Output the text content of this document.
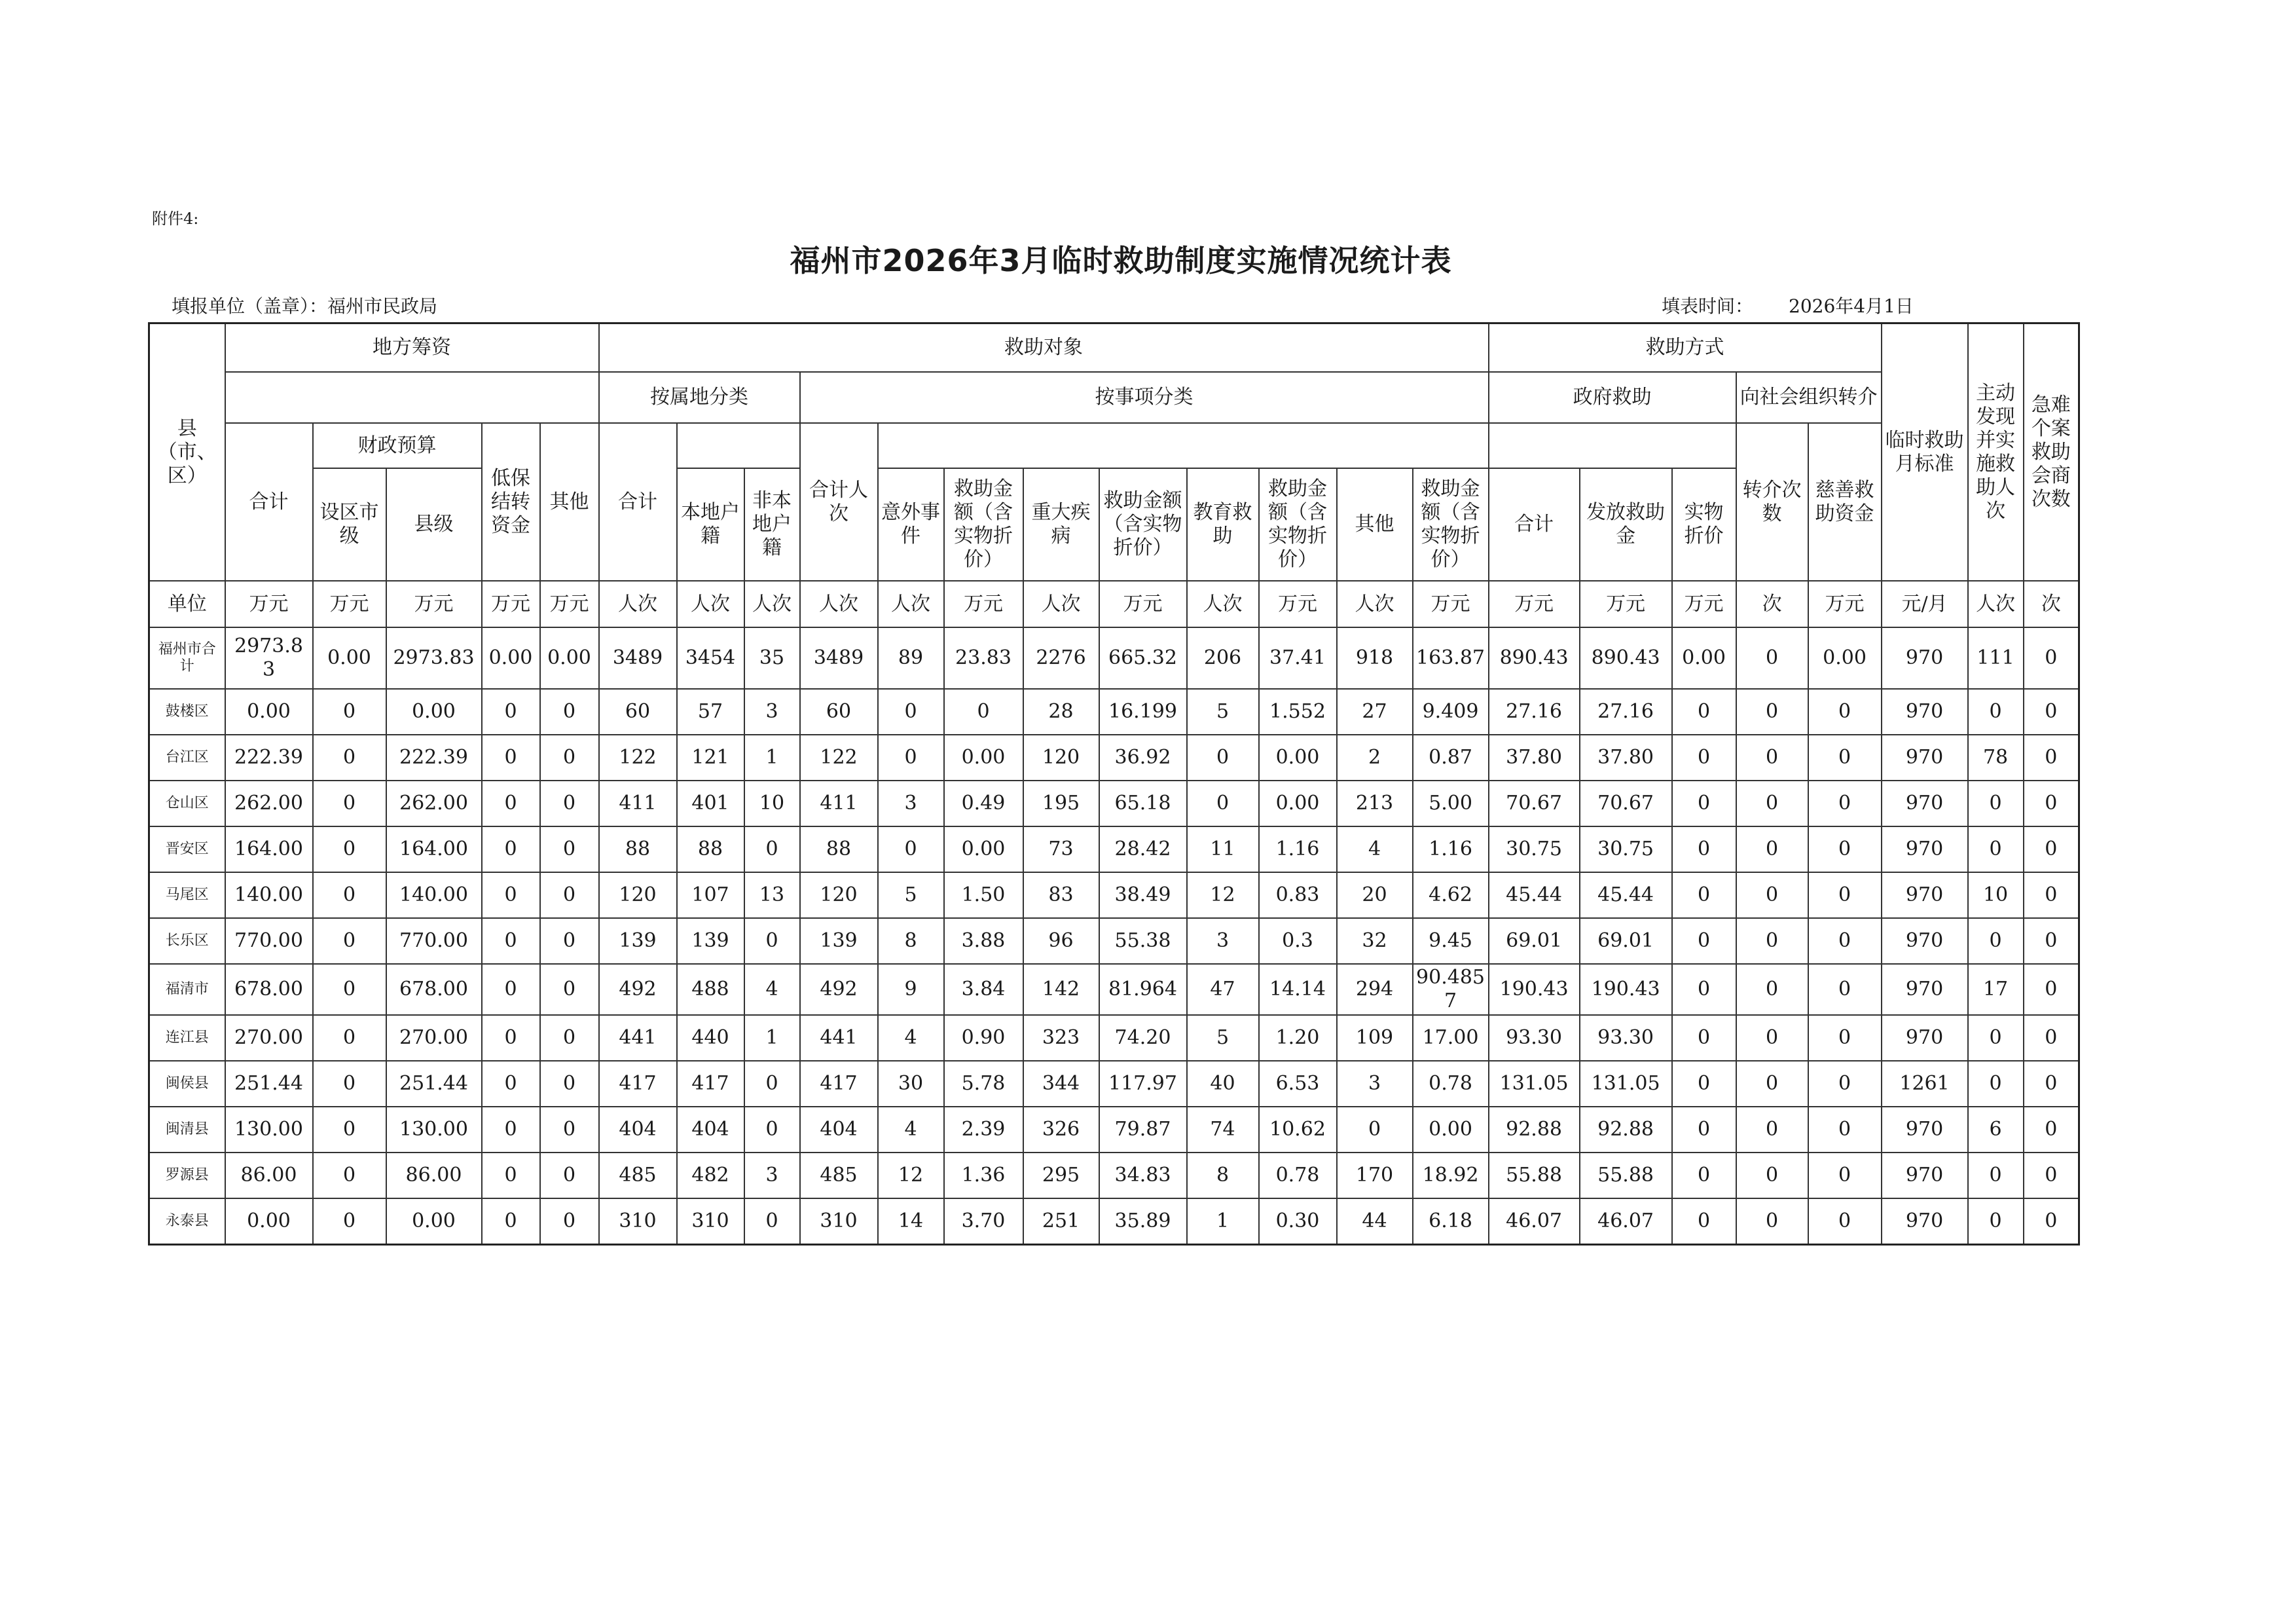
附件4:
福州市2026年3月临时救助制度实施情况统计表
填报单位（盖章）：福州市民政局	填表时间： 2026年4月1日
县（市、区）	地方筹资					救助对象												救助方式					临时救助月标准	主动发现并实施救助人次	急难个案救助会商次数
						按属地分类			按事项分类									政府救助			向社会组织转介				
	合计	财政预算		低保结转资金	其他	合计			合计人次												转介次数	慈善救助资金			
		设区市级	县级				本地户籍	非本地户籍		意外事件	救助金额（含实物折价）	重大疾病	救助金额（含实物折价）	教育救助	救助金额（含实物折价）	其他	救助金额（含实物折价）	合计	发放救助金	实物折价					
单位	万元	万元	万元	万元	万元	人次	人次	人次	人次	人次	万元	人次	万元	人次	万元	人次	万元	万元	万元	万元	次	万元	元/月	人次	次
福州市合计	2973.83	0.00	2973.83	0.00	0.00	3489	3454	35	3489	89	23.83	2276	665.32	206	37.41	918	163.87	890.43	890.43	0.00	0	0.00	970	111	0
鼓楼区	0.00	0	0.00	0	0	60	57	3	60	0	0	28	16.199	5	1.552	27	9.409	27.16	27.16	0	0	0	970	0	0
台江区	222.39	0	222.39	0	0	122	121	1	122	0	0.00	120	36.92	0	0.00	2	0.87	37.80	37.80	0	0	0	970	78	0
仓山区	262.00	0	262.00	0	0	411	401	10	411	3	0.49	195	65.18	0	0.00	213	5.00	70.67	70.67	0	0	0	970	0	0
晋安区	164.00	0	164.00	0	0	88	88	0	88	0	0.00	73	28.42	11	1.16	4	1.16	30.75	30.75	0	0	0	970	0	0
马尾区	140.00	0	140.00	0	0	120	107	13	120	5	1.50	83	38.49	12	0.83	20	4.62	45.44	45.44	0	0	0	970	10	0
长乐区	770.00	0	770.00	0	0	139	139	0	139	8	3.88	96	55.38	3	0.3	32	9.45	69.01	69.01	0	0	0	970	0	0
福清市	678.00	0	678.00	0	0	492	488	4	492	9	3.84	142	81.964	47	14.14	294	90.4857	190.43	190.43	0	0	0	970	17	0
连江县	270.00	0	270.00	0	0	441	440	1	441	4	0.90	323	74.20	5	1.20	109	17.00	93.30	93.30	0	0	0	970	0	0
闽侯县	251.44	0	251.44	0	0	417	417	0	417	30	5.78	344	117.97	40	6.53	3	0.78	131.05	131.05	0	0	0	1261	0	0
闽清县	130.00	0	130.00	0	0	404	404	0	404	4	2.39	326	79.87	74	10.62	0	0.00	92.88	92.88	0	0	0	970	6	0
罗源县	86.00	0	86.00	0	0	485	482	3	485	12	1.36	295	34.83	8	0.78	170	18.92	55.88	55.88	0	0	0	970	0	0
永泰县	0.00	0	0.00	0	0	310	310	0	310	14	3.70	251	35.89	1	0.30	44	6.18	46.07	46.07	0	0	0	970	0	0
